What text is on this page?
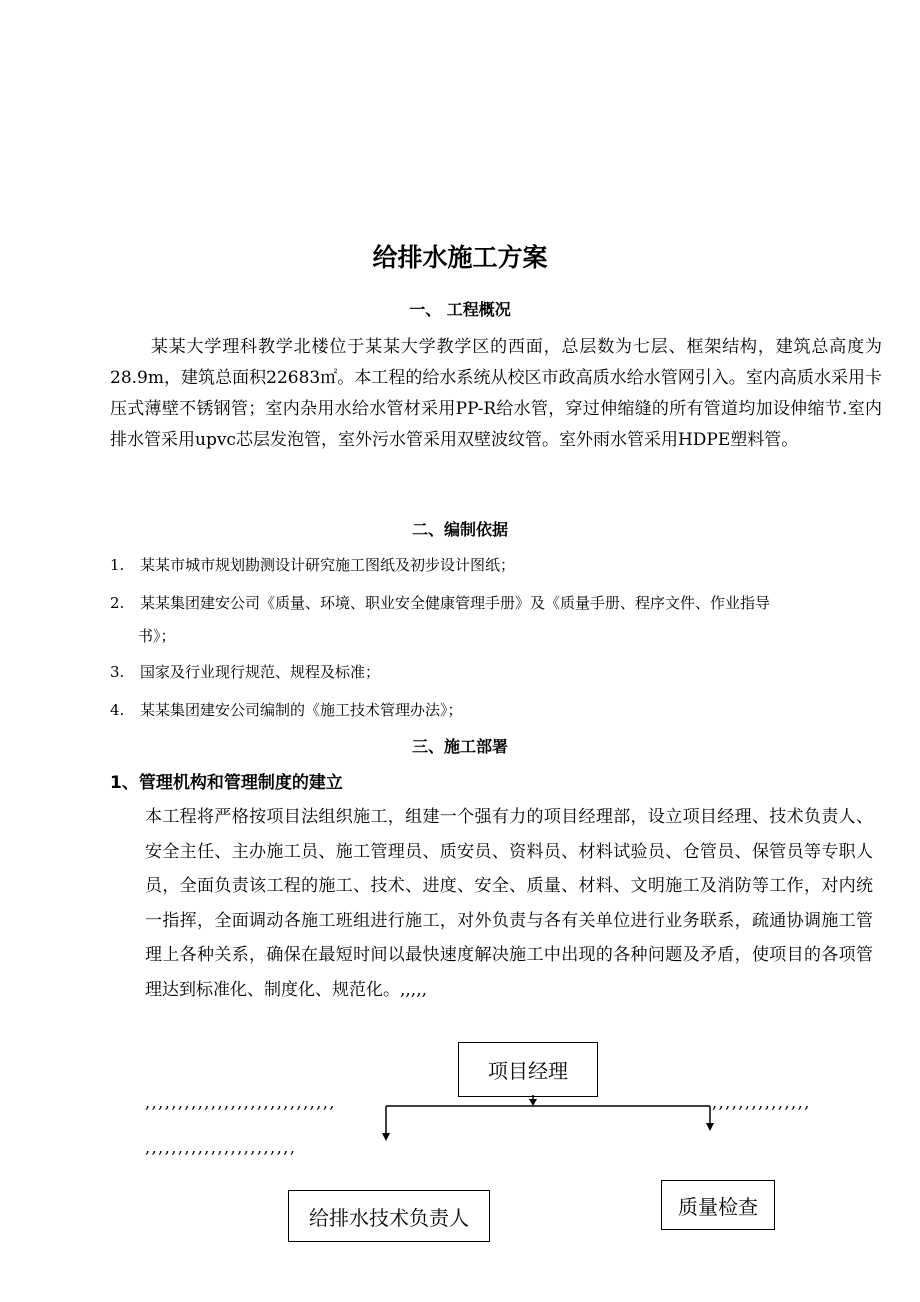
给排水施工方案
一、 工程概况

某某大学理科教学北楼位于某某大学教学区的西面，总层数为七层、框架结构，建筑总高度为28.9m，建筑总面积22683㎡。本工程的给水系统从校区市政高质水给水管网引入。室内高质水采用卡压式薄壁不锈钢管；室内杂用水给水管材采用PP-R给水管，穿过伸缩缝的所有管道均加设伸缩节.室内排水管采用upvc芯层发泡管，室外污水管采用双壁波纹管。室外雨水管采用HDPE塑料管。

二、编制依据

1. 某某市城市规划勘测设计研究施工图纸及初步设计图纸；

2. 某某集团建安公司《质量、环境、职业安全健康管理手册》及《质量手册、程序文件、作业指导

书》；

3. 国家及行业现行规范、规程及标准；

4. 某某集团建安公司编制的《施工技术管理办法》；

三、施工部署
1、管理机构和管理制度的建立

本工程将严格按项目法组织施工，组建一个强有力的项目经理部，设立项目经理、技术负责人、安全主任、主办施工员、施工管理员、质安员、资料员、材料试验员、仓管员、保管员等专职人员，全面负责该工程的施工、技术、进度、安全、质量、材料、文明施工及消防等工作，对内统一指挥，全面调动各施工班组进行施工，对外负责与各有关单位进行业务联系，疏通协调施工管理上各种关系，确保在最短时间以最快速度解决施工中出现的各种问题及矛盾，使项目的各项管理达到标准化、制度化、规范化。,,,,,

项目经理
,,,,,,,,,,,,,,,,,,,,,,,,,,,,,	,,,,,,,,,,,,,,,
,,,,,,,,,,,,,,,,,,,,,,,
给排水技术负责人	质量检查
